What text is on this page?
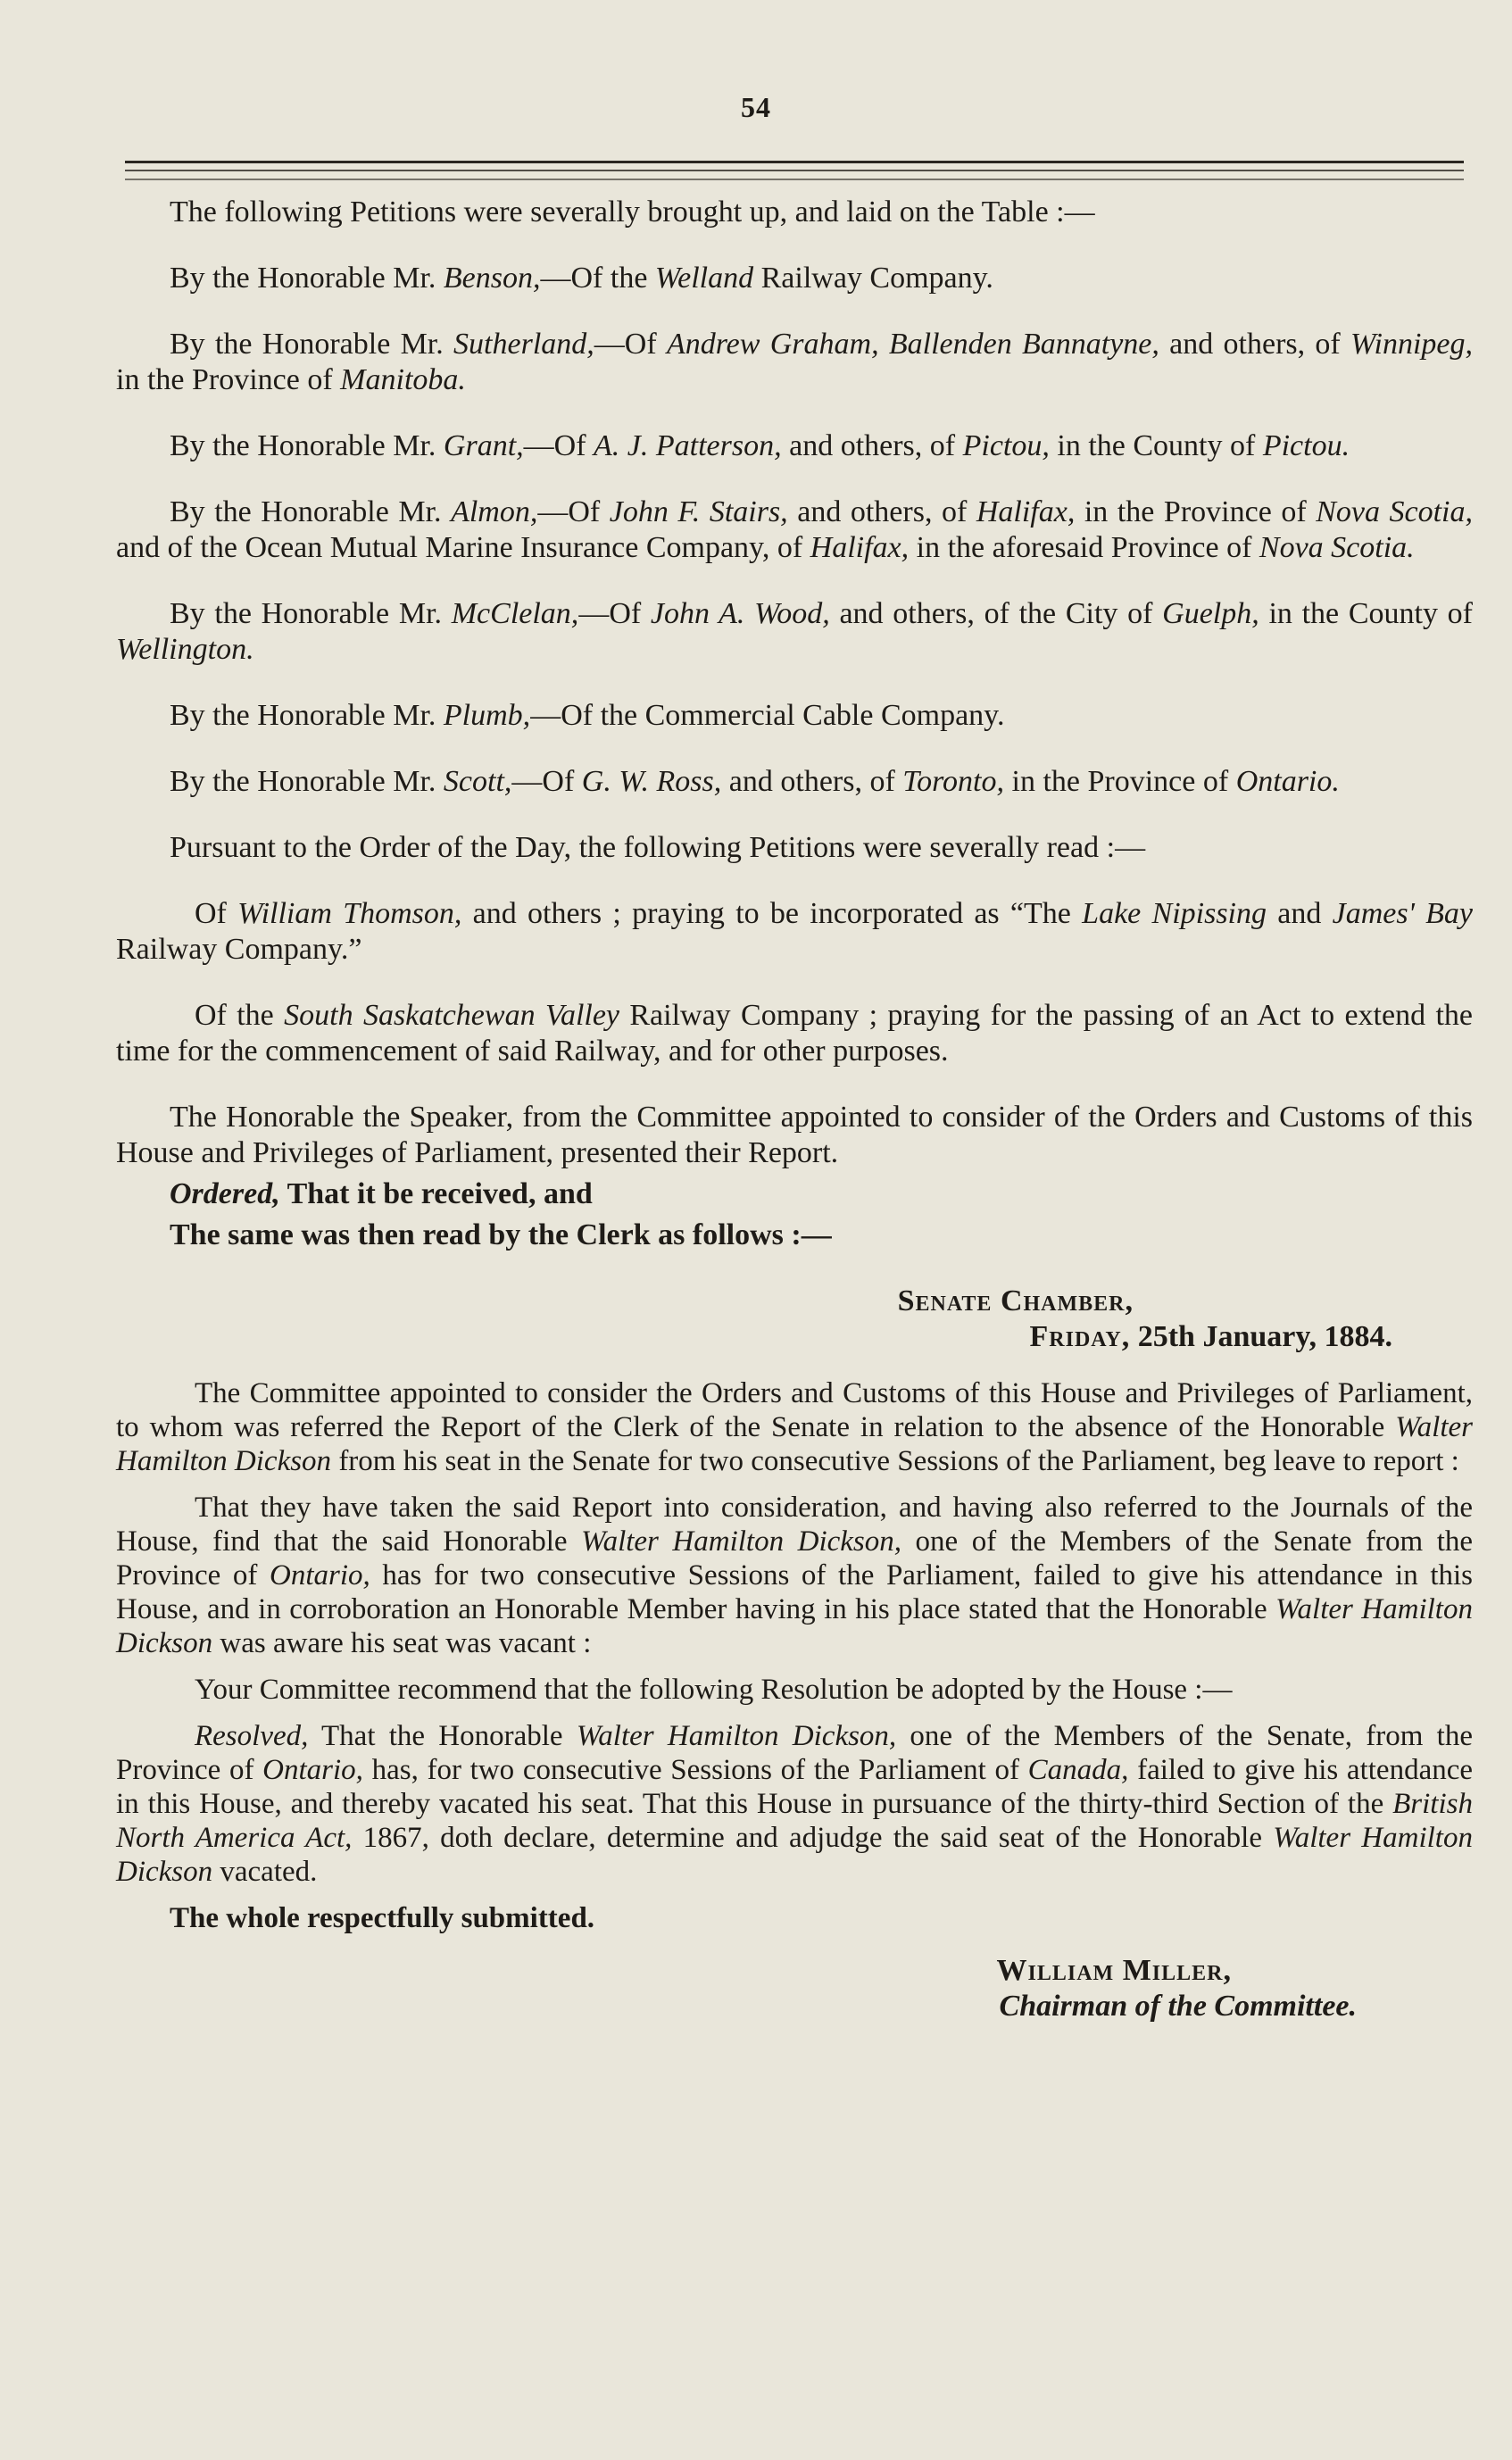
54

The following Petitions were severally brought up, and laid on the Table :—

By the Honorable Mr. Benson,—Of the Welland Railway Company.

By the Honorable Mr. Sutherland,—Of Andrew Graham, Ballenden Bannatyne, and others, of Winnipeg, in the Province of Manitoba.

By the Honorable Mr. Grant,—Of A. J. Patterson, and others, of Pictou, in the County of Pictou.

By the Honorable Mr. Almon,—Of John F. Stairs, and others, of Halifax, in the Province of Nova Scotia, and of the Ocean Mutual Marine Insurance Company, of Halifax, in the aforesaid Province of Nova Scotia.

By the Honorable Mr. McClelan,—Of John A. Wood, and others, of the City of Guelph, in the County of Wellington.

By the Honorable Mr. Plumb,—Of the Commercial Cable Company.

By the Honorable Mr. Scott,—Of G. W. Ross, and others, of Toronto, in the Province of Ontario.

Pursuant to the Order of the Day, the following Petitions were severally read :—

Of William Thomson, and others ; praying to be incorporated as “The Lake Nipissing and James' Bay Railway Company.”

Of the South Saskatchewan Valley Railway Company ; praying for the passing of an Act to extend the time for the commencement of said Railway, and for other purposes.

The Honorable the Speaker, from the Committee appointed to consider of the Orders and Customs of this House and Privileges of Parliament, presented their Report.

Ordered, That it be received, and

The same was then read by the Clerk as follows :—

Senate Chamber,

Friday, 25th January, 1884.

The Committee appointed to consider the Orders and Customs of this House and Privileges of Parliament, to whom was referred the Report of the Clerk of the Senate in relation to the absence of the Honorable Walter Hamilton Dickson from his seat in the Senate for two consecutive Sessions of the Parliament, beg leave to report :

That they have taken the said Report into consideration, and having also referred to the Journals of the House, find that the said Honorable Walter Hamilton Dickson, one of the Members of the Senate from the Province of Ontario, has for two consecutive Sessions of the Parliament, failed to give his attendance in this House, and in corroboration an Honorable Member having in his place stated that the Honorable Walter Hamilton Dickson was aware his seat was vacant :

Your Committee recommend that the following Resolution be adopted by the House :—

Resolved, That the Honorable Walter Hamilton Dickson, one of the Members of the Senate, from the Province of Ontario, has, for two consecutive Sessions of the Parliament of Canada, failed to give his attendance in this House, and thereby vacated his seat. That this House in pursuance of the thirty-third Section of the British North America Act, 1867, doth declare, determine and adjudge the said seat of the Honorable Walter Hamilton Dickson vacated.

The whole respectfully submitted.

William Miller,

Chairman of the Committee.
